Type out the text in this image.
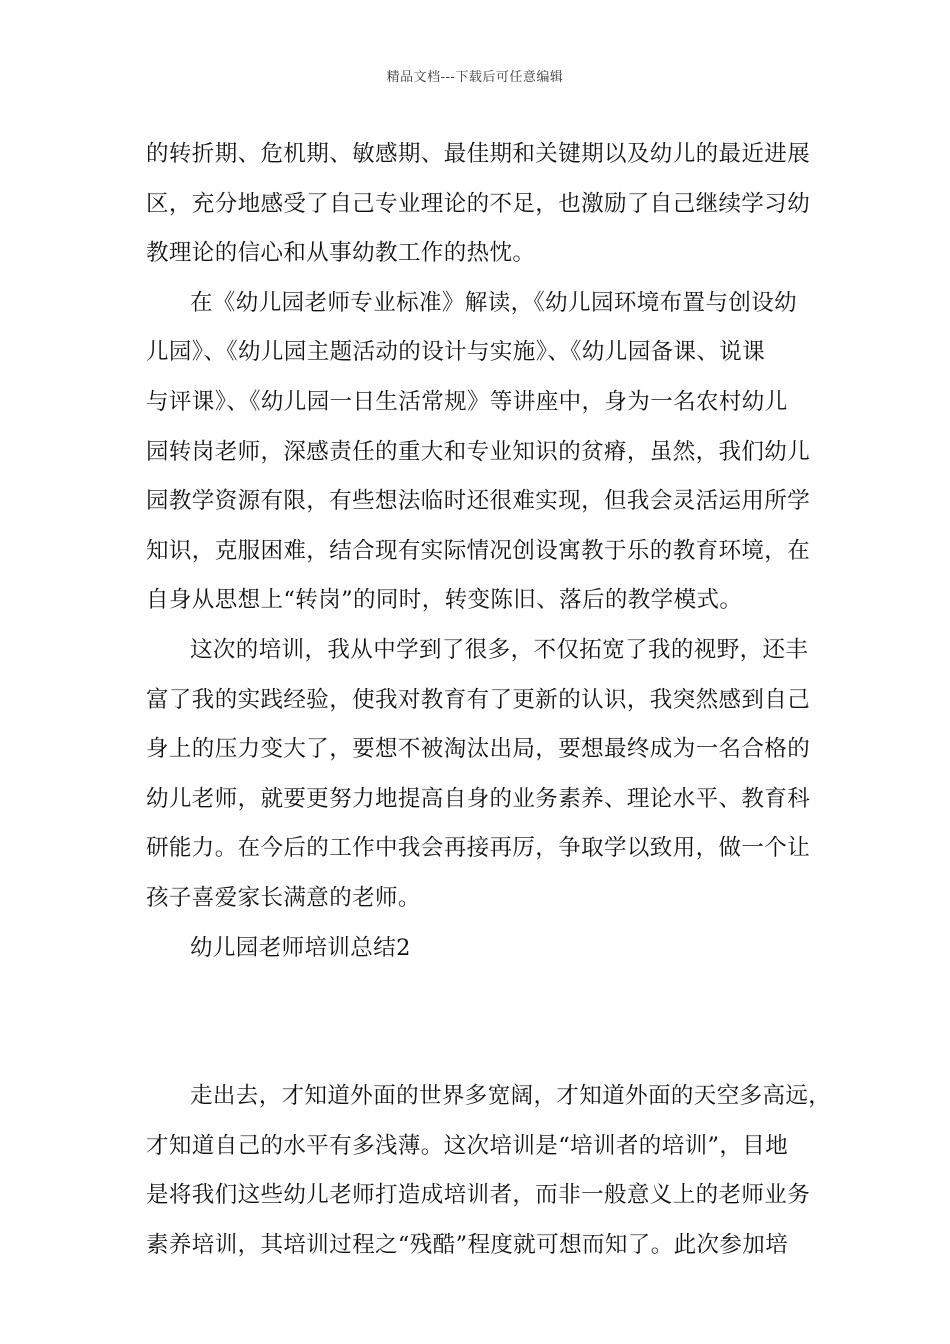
精品文档---下载后可任意编辑
的转折期、危机期、敏感期、最佳期和关键期以及幼儿的最近进展
区，充分地感受了自己专业理论的不足，也激励了自己继续学习幼
教理论的信心和从事幼教工作的热忱。
在《幼儿园老师专业标准》解读，《幼儿园环境布置与创设幼
儿园》、《幼儿园主题活动的设计与实施》、《幼儿园备课、说课
与评课》、《幼儿园一日生活常规》等讲座中，身为一名农村幼儿
园转岗老师，深感责任的重大和专业知识的贫瘠，虽然，我们幼儿
园教学资源有限，有些想法临时还很难实现，但我会灵活运用所学
知识，克服困难，结合现有实际情况创设寓教于乐的教育环境，在
自身从思想上“转岗”的同时，转变陈旧、落后的教学模式。
这次的培训，我从中学到了很多，不仅拓宽了我的视野，还丰
富了我的实践经验，使我对教育有了更新的认识，我突然感到自己
身上的压力变大了，要想不被淘汰出局，要想最终成为一名合格的
幼儿老师，就要更努力地提高自身的业务素养、理论水平、教育科
研能力。在今后的工作中我会再接再厉，争取学以致用，做一个让
孩子喜爱家长满意的老师。
幼儿园老师培训总结2
走出去，才知道外面的世界多宽阔，才知道外面的天空多高远，
才知道自己的水平有多浅薄。这次培训是“培训者的培训”，目地
是将我们这些幼儿老师打造成培训者，而非一般意义上的老师业务
素养培训，其培训过程之“残酷”程度就可想而知了。此次参加培
